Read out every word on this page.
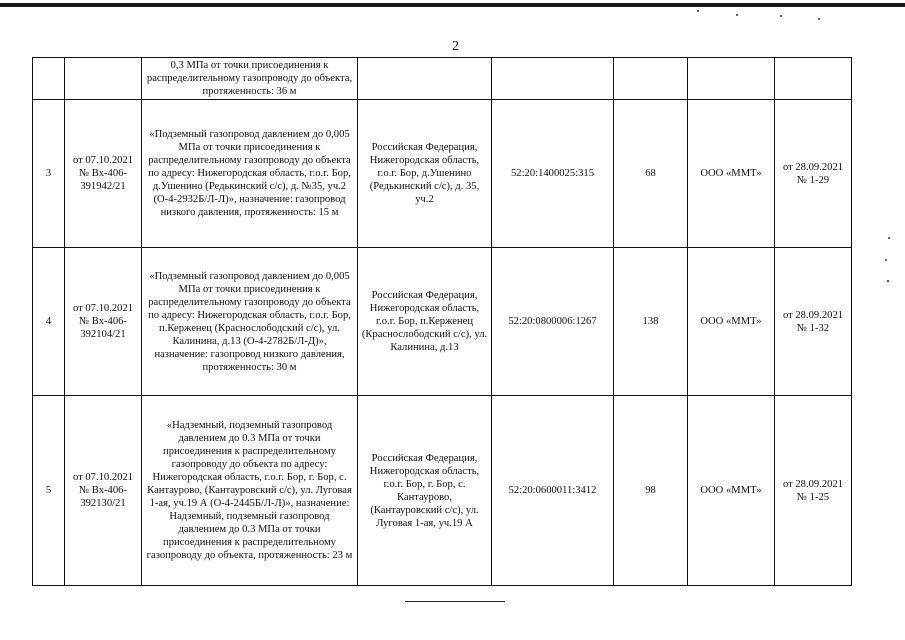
2
		0,3 МПа от точки присоединения к распределительному газопроводу до объекта, протяженность: 36 м					
3	от 07.10.2021 № Вх-406-391942/21	«Подземный газопровод давлением до 0,005 МПа от точки присоединения к распределительному газопроводу до объекта по адресу: Нижегородская область, г.о.г. Бор, д.Ушенино (Редькинский с/с), д. №35, уч.2 (О-4-2932Б/Л-Л)», назначение: газопровод низкого давления, протяженность: 15 м	Российская Федерация, Нижегородская область, г.о.г. Бор, д.Ушенино (Редькинский с/с), д. 35, уч.2	52:20:1400025:315	68	ООО «ММТ»	от 28.09.2021 № 1-29
4	от 07.10.2021 № Вх-406-392104/21	«Подземный газопровод давлением до 0,005 МПа от точки присоединения к распределительному газопроводу до объекта по адресу: Нижегородская область, г.о.г. Бор, п.Керженец (Краснослободский с/с), ул. Калинина, д.13 (О-4-2782Б/Л-Д)», назначение: газопровод низкого давления, протяженность: 30 м	Российская Федерация, Нижегородская область, г.о.г. Бор, п.Керженец (Краснослободский с/с), ул. Калинина, д.13	52:20:0800006:1267	138	ООО «ММТ»	от 28.09.2021 № 1-32
5	от 07.10.2021 № Вх-406-392130/21	«Надземный, подземный газопровод давлением до 0.3 МПа от точки присоединения к распределительному газопроводу до объекта по адресу: Нижегородская область, г.о.г. Бор, г. Бор, с. Кантаурово, (Кантауровский с/с), ул. Луговая 1-ая, уч.19 А (О-4-2445Б/Л-Л)», назначение: Надземный, подземный газопровод давлением до 0.3 МПа от точки присоединения к распределительному газопроводу до объекта, протяженность: 23 м	Российская Федерация, Нижегородская область, г.о.г. Бор, г. Бор, с. Кантаурово, (Кантауровский с/с), ул. Луговая 1-ая, уч.19 А	52:20:0600011:3412	98	ООО «ММТ»	от 28.09.2021 № 1-25
